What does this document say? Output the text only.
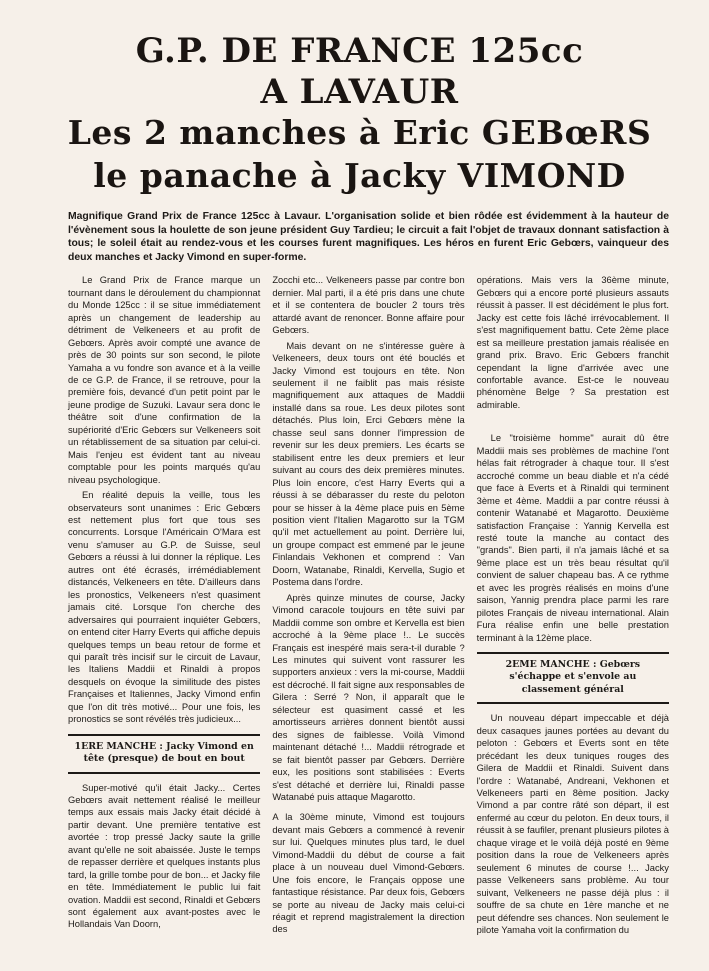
G.P. DE FRANCE 125cc
A LAVAUR
Les 2 manches à Eric GEBœRS
le panache à Jacky VIMOND

Magnifique Grand Prix de France 125cc à Lavaur. L'organisation solide et bien rôdée est évidemment à la hauteur de l'évènement sous la houlette de son jeune président Guy Tardieu; le circuit a fait l'objet de travaux donnant satisfaction à tous; le soleil était au rendez-vous et les courses furent magnifiques. Les héros en furent Eric Gebœrs, vainqueur des deux manches et Jacky Vimond en super-forme.

Le Grand Prix de France marque un tournant dans le déroulement du championnat du Monde 125cc : il se situe immédiatement après un changement de leadership au détriment de Velkeneers et au profit de Gebœrs. Après avoir compté une avance de près de 30 points sur son second, le pilote Yamaha a vu fondre son avance et à la veille de ce G.P. de France, il se retrouve, pour la première fois, devancé d'un petit point par le jeune prodige de Suzuki. Lavaur sera donc le théâtre soit d'une confirmation de la supériorité d'Eric Gebœrs sur Velkeneers soit un rétablissement de sa situation par celui-ci. Mais l'enjeu est évident tant au niveau comptable pour les points marqués qu'au niveau psychologique.

En réalité depuis la veille, tous les observateurs sont unanimes : Eric Gebœrs est nettement plus fort que tous ses concurrents. Lorsque l'Américain O'Mara est venu s'amuser au G.P. de Suisse, seul Gebœrs a réussi à lui donner la réplique. Les autres ont été écrasés, irrémédiablement distancés, Velkeneers en tête. D'ailleurs dans les pronostics, Velkeneers n'est quasiment jamais cité. Lorsque l'on cherche des adversaires qui pourraient inquiéter Gebœrs, on entend citer Harry Everts qui affiche depuis quelques temps un beau retour de forme et qui paraît très incisif sur le circuit de Lavaur, les Italiens Maddii et Rinaldi à propos desquels on évoque la similitude des pistes Françaises et Italiennes, Jacky Vimond enfin que l'on dit très motivé... Pour une fois, les pronostics se sont révélés très judicieux...

1ERE MANCHE : Jacky Vimond en tête (presque) de bout en bout

Super-motivé qu'il était Jacky... Certes Gebœrs avait nettement réalisé le meilleur temps aux essais mais Jacky était décidé à partir devant. Une première tentative est avortée : trop pressé Jacky saute la grille avant qu'elle ne soit abaissée. Juste le temps de repasser derrière et quelques instants plus tard, la grille tombe pour de bon... et Jacky file en tête. Immédiatement le public lui fait ovation. Maddii est second, Rinaldi et Gebœrs sont également aux avant-postes avec le Hollandais Van Doorn,

Zocchi etc... Velkeneers passe par contre bon dernier. Mal parti, il a été pris dans une chute et il se contentera de boucler 2 tours très attardé avant de renoncer. Bonne affaire pour Gebœrs.

Mais devant on ne s'intéresse guère à Velkeneers, deux tours ont été bouclés et Jacky Vimond est toujours en tête. Non seulement il ne faiblit pas mais résiste magnifiquement aux attaques de Maddii installé dans sa roue. Les deux pilotes sont détachés. Plus loin, Erci Gebœrs mène la chasse seul sans donner l'impression de revenir sur les deux premiers. Les écarts se stabilisent entre les deux premiers et leur suivant au cours des deix premières minutes. Plus loin encore, c'est Harry Everts qui a réussi à se débarasser du reste du peloton pour se hisser à la 4ème place puis en 5ème position vient l'Italien Magarotto sur la TGM qu'il met actuellement au point. Derrière lui, un groupe compact est emmené par le jeune Finlandais Vekhonen et comprend : Van Doorn, Watanabe, Rinaldi, Kervella, Sugio et Postema dans l'ordre.

Après quinze minutes de course, Jacky Vimond caracole toujours en tête suivi par Maddii comme son ombre et Kervella est bien accroché à la 9ème place !.. Le succès Français est inespéré mais sera-t-il durable ? Les minutes qui suivent vont rassurer les supporters anxieux : vers la mi-course, Maddii est décroché. Il fait signe aux responsables de Gilera : Serré ? Non, il apparaît que le sélecteur est quasiment cassé et les amortisseurs arrières donnent bientôt aussi des signes de faiblesse. Voilà Vimond maintenant détaché !... Maddii rétrograde et se fait bientôt passer par Gebœrs. Derrière eux, les positions sont stabilisées : Everts s'est détaché et derrière lui, Rinaldi passe Watanabé puis attaque Magarotto.

A la 30ème minute, Vimond est toujours devant mais Gebœrs a commencé à revenir sur lui. Quelques minutes plus tard, le duel Vimond-Maddii du début de course a fait place à un nouveau duel Vimond-Gebœrs. Une fois encore, le Français oppose une fantastique résistance. Par deux fois, Gebœrs se porte au niveau de Jacky mais celui-ci réagit et reprend magistralement la direction des

opérations. Mais vers la 36ème minute, Gebœrs qui a encore porté plusieurs assauts réussit à passer. Il est décidément le plus fort. Jacky est cette fois lâché irrévocablement. Il s'est magnifiquement battu. Cete 2ème place est sa meilleure prestation jamais réalisée en grand prix. Bravo. Eric Gebœrs franchit cependant la ligne d'arrivée avec une confortable avance. Est-ce le nouveau phénomène Belge ? Sa prestation est admirable.

Le "troisième homme" aurait dû être Maddii mais ses problèmes de machine l'ont hélas fait rétrograder à chaque tour. Il s'est accroché comme un beau diable et n'a cédé que face à Everts et à Rinaldi qui terminent 3ème et 4ème. Maddii a par contre réussi à contenir Watanabé et Magarotto. Deuxième satisfaction Française : Yannig Kervella est resté toute la manche au contact des "grands". Bien parti, il n'a jamais lâché et sa 9ème place est un très beau résultat qu'il convient de saluer chapeau bas. A ce rythme et avec les progrès réalisés en moins d'une saison, Yannig prendra place parmi les rare pilotes Français de niveau international. Alain Fura réalise enfin une belle prestation terminant à la 12ème place.

2EME MANCHE : Gebœrs s'échappe et s'envole au classement général

Un nouveau départ impeccable et déjà deux casaques jaunes portées au devant du peloton : Gebœrs et Everts sont en tête précédant les deux tuniques rouges des Gilera de Maddii et Rinaldi. Suivent dans l'ordre : Watanabé, Andreani, Vekhonen et Velkeneers parti en 8ème position. Jacky Vimond a par contre râté son départ, il est enfermé au cœur du peloton. En deux tours, il réussit à se faufiler, prenant plusieurs pilotes à chaque virage et le voilà déjà posté en 9ème position dans la roue de Velkeneers après seulement 6 minutes de course !... Jacky passe Velkeneers sans problème. Au tour suivant, Velkeneers ne passe déjà plus : il souffre de sa chute en 1ère manche et ne peut défendre ses chances. Non seulement le pilote Yamaha voit la confirmation du
